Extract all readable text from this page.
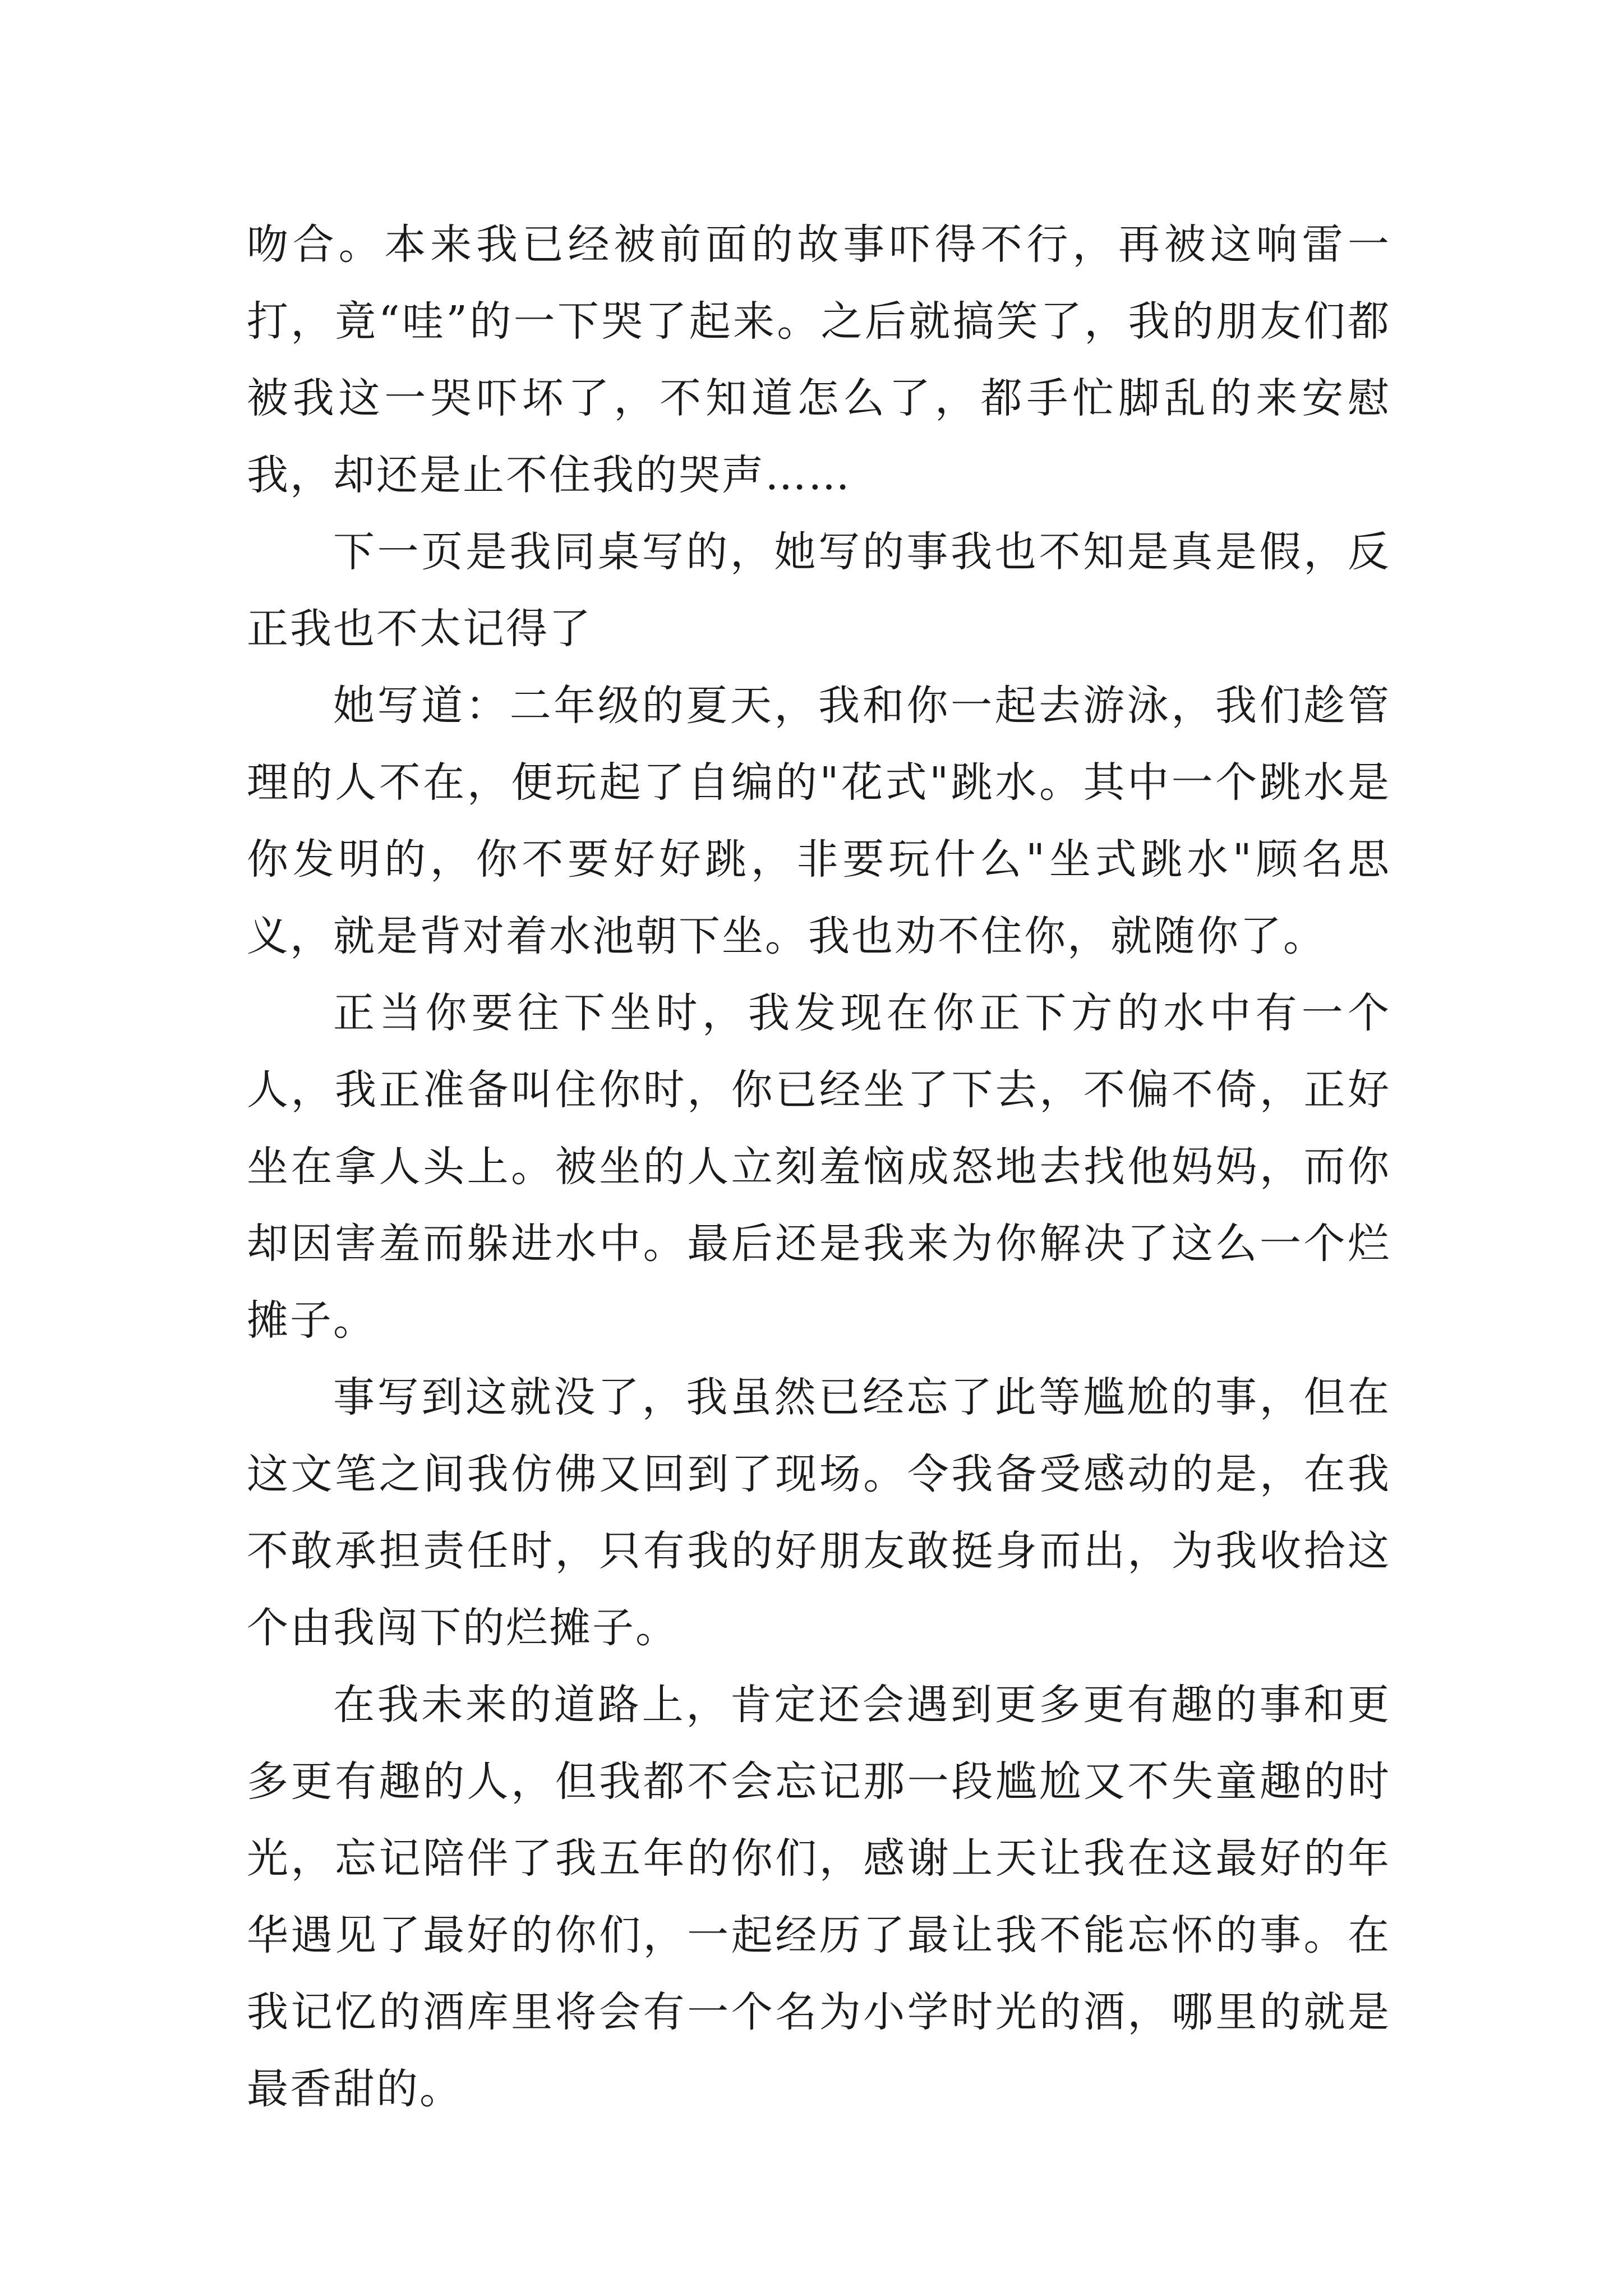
吻合。本来我已经被前面的故事吓得不行，再被这响雷一打，竟“哇”的一下哭了起来。之后就搞笑了，我的朋友们都被我这一哭吓坏了，不知道怎么了，都手忙脚乱的来安慰我，却还是止不住我的哭声……

下一页是我同桌写的，她写的事我也不知是真是假，反正我也不太记得了

她写道：二年级的夏天，我和你一起去游泳，我们趁管理的人不在，便玩起了自编的"花式"跳水。其中一个跳水是你发明的，你不要好好跳，非要玩什么"坐式跳水"顾名思义，就是背对着水池朝下坐。我也劝不住你，就随你了。

正当你要往下坐时，我发现在你正下方的水中有一个人，我正准备叫住你时，你已经坐了下去，不偏不倚，正好坐在拿人头上。被坐的人立刻羞恼成怒地去找他妈妈，而你却因害羞而躲进水中。最后还是我来为你解决了这么一个烂摊子。

事写到这就没了，我虽然已经忘了此等尴尬的事，但在这文笔之间我仿佛又回到了现场。令我备受感动的是，在我不敢承担责任时，只有我的好朋友敢挺身而出，为我收拾这个由我闯下的烂摊子。

在我未来的道路上，肯定还会遇到更多更有趣的事和更多更有趣的人，但我都不会忘记那一段尴尬又不失童趣的时光，忘记陪伴了我五年的你们，感谢上天让我在这最好的年华遇见了最好的你们，一起经历了最让我不能忘怀的事。在我记忆的酒库里将会有一个名为小学时光的酒，哪里的就是最香甜的。
